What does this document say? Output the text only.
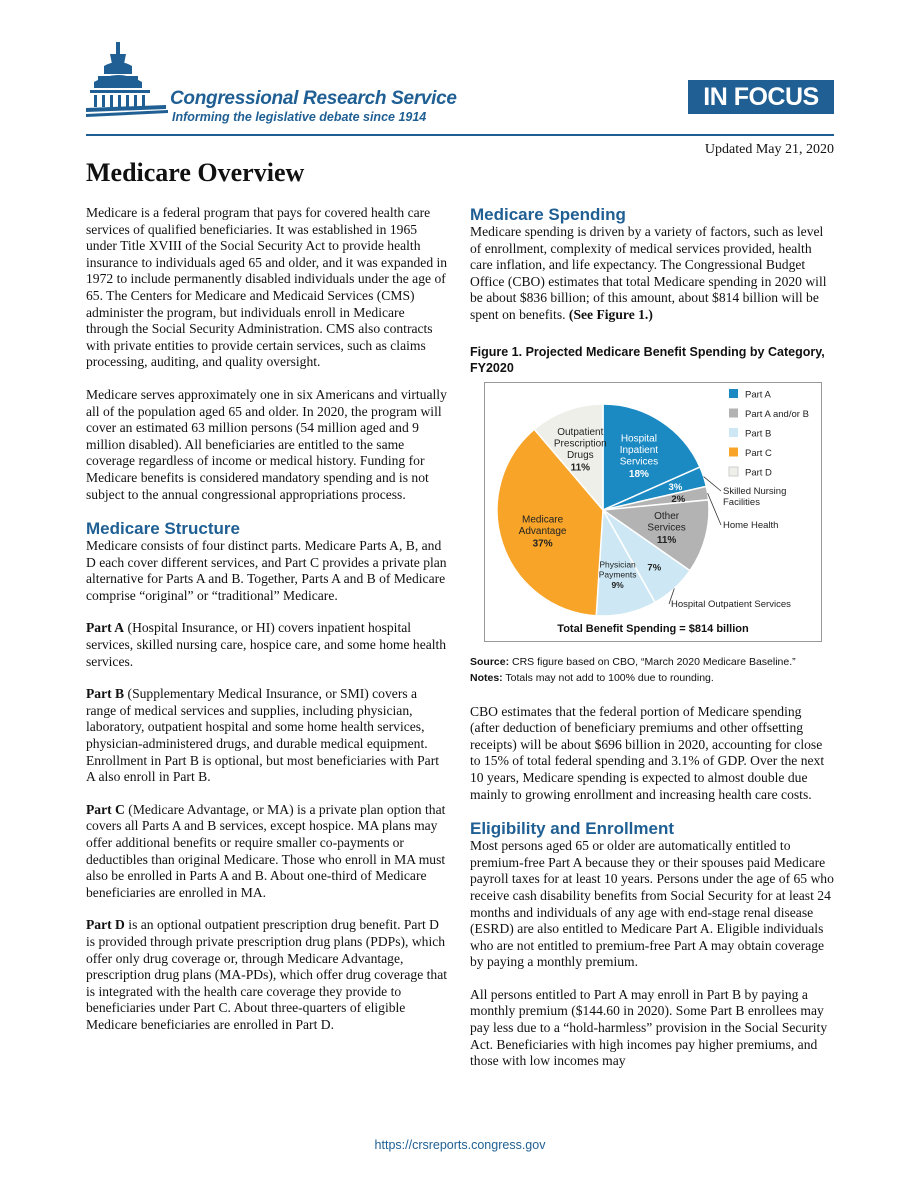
Congressional Research Service
Informing the legislative debate since 1914
IN FOCUS
Updated May 21, 2020
Medicare Overview

Medicare is a federal program that pays for covered health care services of qualified beneficiaries. It was established in 1965 under Title XVIII of the Social Security Act to provide health insurance to individuals aged 65 and older, and it was expanded in 1972 to include permanently disabled individuals under the age of 65. The Centers for Medicare and Medicaid Services (CMS) administer the program, but individuals enroll in Medicare through the Social Security Administration. CMS also contracts with private entities to provide certain services, such as claims processing, auditing, and quality oversight.

Medicare serves approximately one in six Americans and virtually all of the population aged 65 and older. In 2020, the program will cover an estimated 63 million persons (54 million aged and 9 million disabled). All beneficiaries are entitled to the same coverage regardless of income or medical history. Funding for Medicare benefits is considered mandatory spending and is not subject to the annual congressional appropriations process.

Medicare Structure

Medicare consists of four distinct parts. Medicare Parts A, B, and D each cover different services, and Part C provides a private plan alternative for Parts A and B. Together, Parts A and B of Medicare comprise “original” or “traditional” Medicare.

Part A (Hospital Insurance, or HI) covers inpatient hospital services, skilled nursing care, hospice care, and some home health services.

Part B (Supplementary Medical Insurance, or SMI) covers a range of medical services and supplies, including physician, laboratory, outpatient hospital and some home health services, physician-administered drugs, and durable medical equipment. Enrollment in Part B is optional, but most beneficiaries with Part A also enroll in Part B.

Part C (Medicare Advantage, or MA) is a private plan option that covers all Parts A and B services, except hospice. MA plans may offer additional benefits or require smaller co-payments or deductibles than original Medicare. Those who enroll in MA must also be enrolled in Parts A and B. About one-third of Medicare beneficiaries are enrolled in MA.

Part D is an optional outpatient prescription drug benefit. Part D is provided through private prescription drug plans (PDPs), which offer only drug coverage or, through Medicare Advantage, prescription drug plans (MA-PDs), which offer drug coverage that is integrated with the health care coverage they provide to beneficiaries under Part C. About three-quarters of eligible Medicare beneficiaries are enrolled in Part D.

Medicare Spending

Medicare spending is driven by a variety of factors, such as level of enrollment, complexity of medical services provided, health care inflation, and life expectancy. The Congressional Budget Office (CBO) estimates that total Medicare spending in 2020 will be about $836 billion; of this amount, about $814 billion will be spent on benefits. (See Figure 1.)

Figure 1. Projected Medicare Benefit Spending by Category, FY2020
Hospital
Inpatient
Services
18%
3%	Skilled Nursing
Facilities
2%
Home Health
Other
Services
11%
7%
Hospital Outpatient Services
Physician
Payments
9%
Medicare
Advantage
37%
Outpatient
Prescription
Drugs
11%
Part A
Part A and/or B
Part B
Part C
Part D
Total Benefit Spending = $814 billion
Source: CRS figure based on CBO, “March 2020 Medicare Baseline.”
Notes: Totals may not add to 100% due to rounding.

CBO estimates that the federal portion of Medicare spending (after deduction of beneficiary premiums and other offsetting receipts) will be about $696 billion in 2020, accounting for close to 15% of total federal spending and 3.1% of GDP. Over the next 10 years, Medicare spending is expected to almost double due mainly to growing enrollment and increasing health care costs.

Eligibility and Enrollment

Most persons aged 65 or older are automatically entitled to premium-free Part A because they or their spouses paid Medicare payroll taxes for at least 10 years. Persons under the age of 65 who receive cash disability benefits from Social Security for at least 24 months and individuals of any age with end-stage renal disease (ESRD) are also entitled to Medicare Part A. Eligible individuals who are not entitled to premium-free Part A may obtain coverage by paying a monthly premium.

All persons entitled to Part A may enroll in Part B by paying a monthly premium ($144.60 in 2020). Some Part B enrollees may pay less due to a “hold-harmless” provision in the Social Security Act. Beneficiaries with high incomes pay higher premiums, and those with low incomes may

https://crsreports.congress.gov
